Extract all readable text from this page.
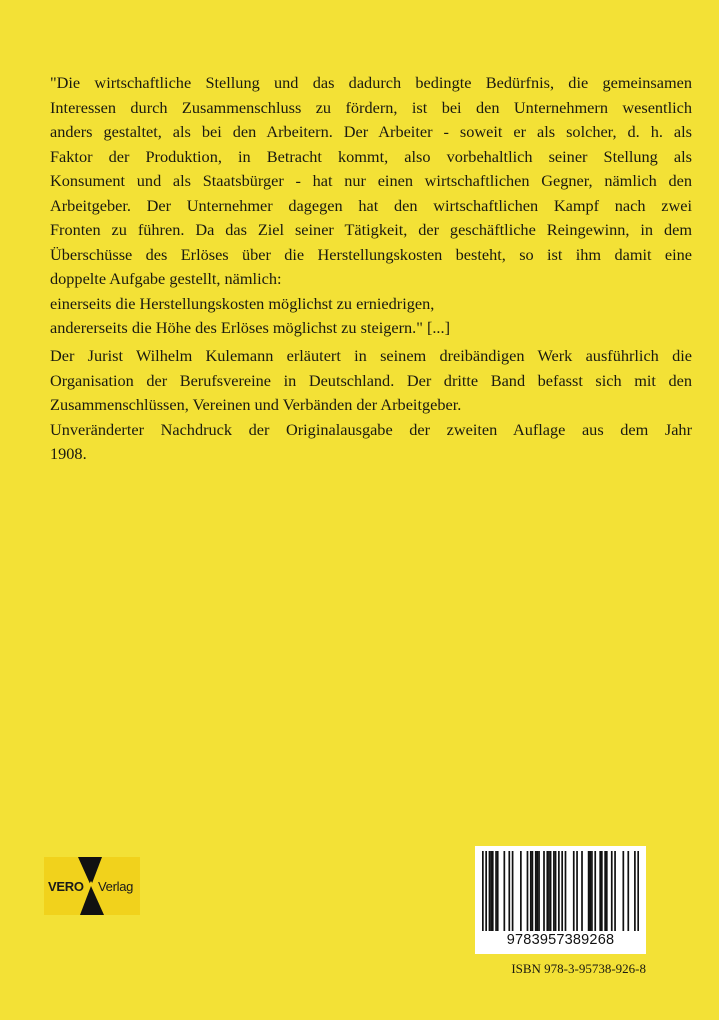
"Die wirtschaftliche Stellung und das dadurch bedingte Bedürfnis, die gemeinsamen
Interessen durch Zusammenschluss zu fördern, ist bei den Unternehmern wesentlich
anders gestaltet, als bei den Arbeitern. Der Arbeiter - soweit er als solcher, d. h. als
Faktor der Produktion, in Betracht kommt, also vorbehaltlich seiner Stellung als
Konsument und als Staatsbürger - hat nur einen wirtschaftlichen Gegner, nämlich den
Arbeitgeber. Der Unternehmer dagegen hat den wirtschaftlichen Kampf nach zwei
Fronten zu führen. Da das Ziel seiner Tätigkeit, der geschäftliche Reingewinn, in dem
Überschüsse des Erlöses über die Herstellungskosten besteht, so ist ihm damit eine
doppelte Aufgabe gestellt, nämlich:
einerseits die Herstellungskosten möglichst zu erniedrigen,
andererseits die Höhe des Erlöses möglichst zu steigern." [...]
Der Jurist Wilhelm Kulemann erläutert in seinem dreibändigen Werk ausführlich die
Organisation der Berufsvereine in Deutschland. Der dritte Band befasst sich mit den
Zusammenschlüssen, Vereinen und Verbänden der Arbeitgeber.
Unveränderter Nachdruck der Originalausgabe der zweiten Auflage aus dem Jahr
1908.
VERO Verlag
9783957389268
ISBN 978-3-95738-926-8
